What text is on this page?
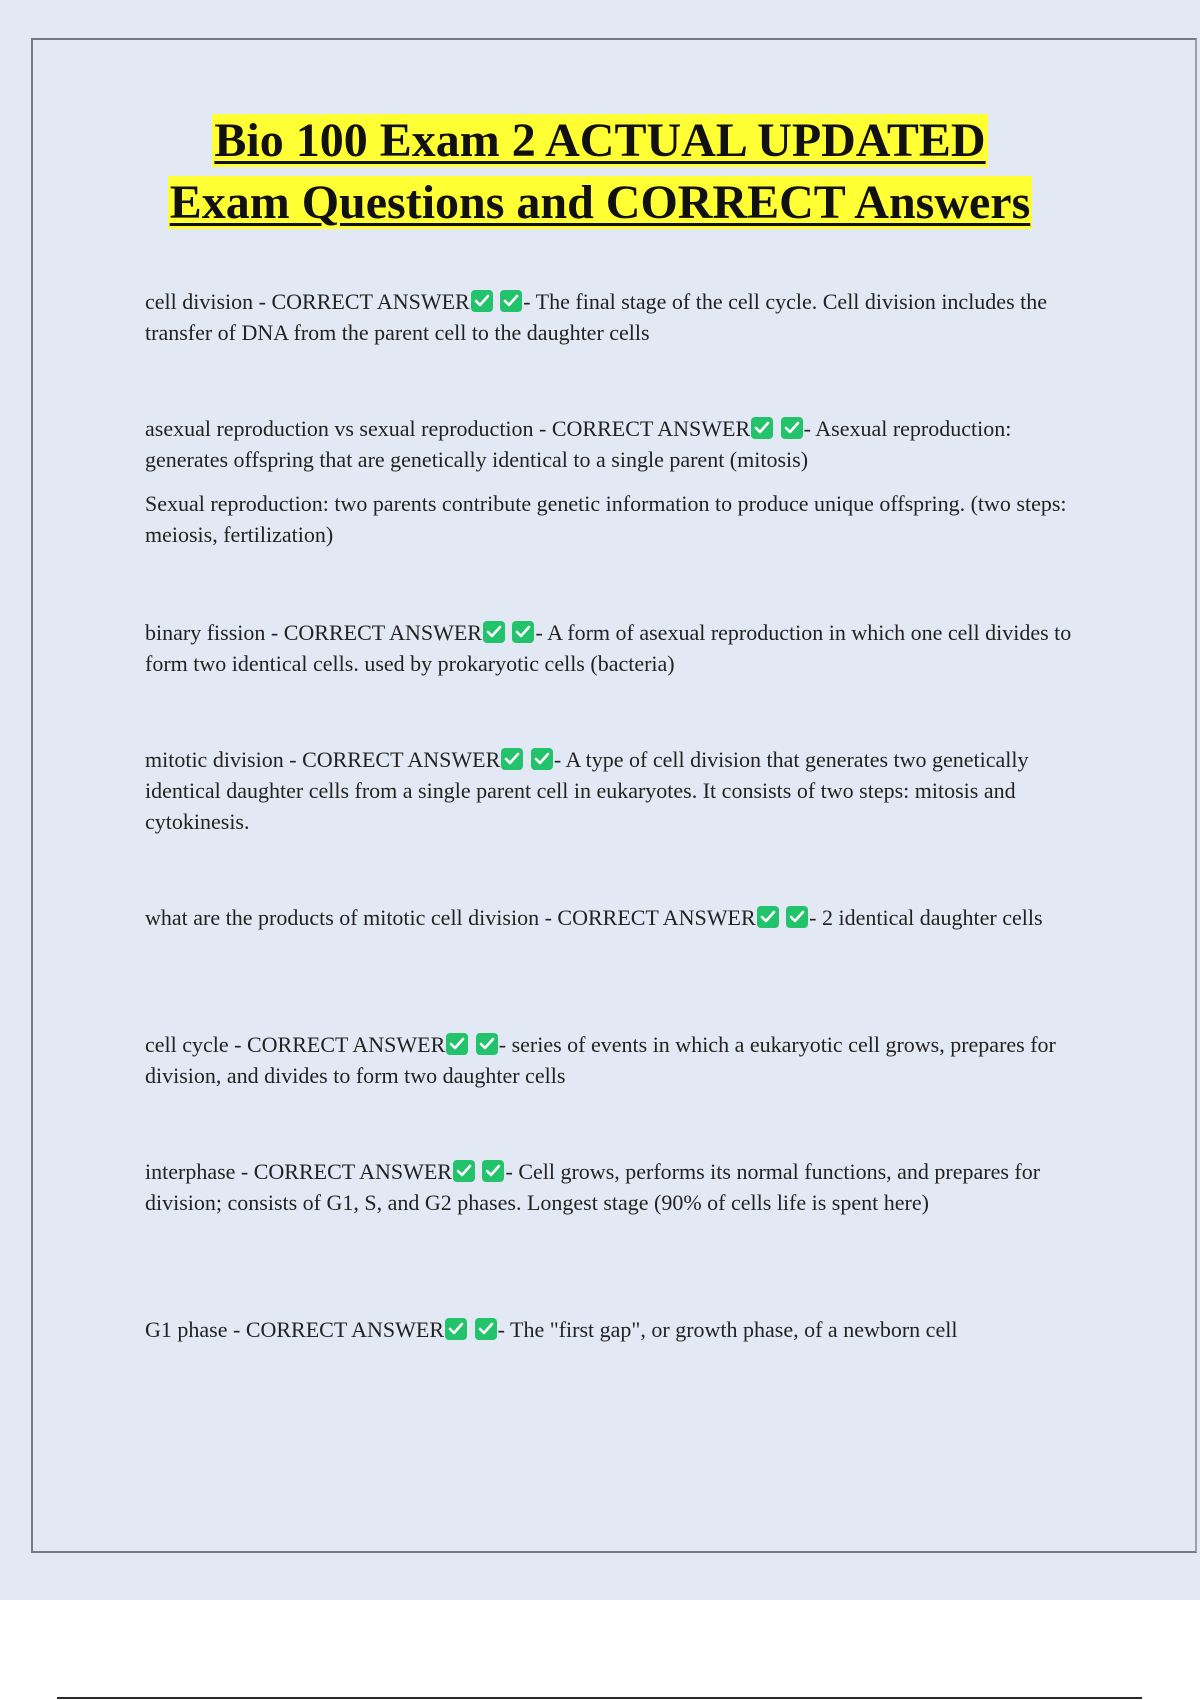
Bio 100 Exam 2 ACTUAL UPDATED
Exam Questions and CORRECT Answers

cell division - CORRECT ANSWER
- The final stage of the cell cycle. Cell division includes the transfer of DNA from the parent cell to the daughter cells

asexual reproduction vs sexual reproduction - CORRECT ANSWER
- Asexual reproduction: generates offspring that are genetically identical to a single parent (mitosis)

Sexual reproduction: two parents contribute genetic information to produce unique offspring. (two steps: meiosis, fertilization)

binary fission - CORRECT ANSWER
- A form of asexual reproduction in which one cell divides to form two identical cells. used by prokaryotic cells (bacteria)

mitotic division - CORRECT ANSWER
- A type of cell division that generates two genetically identical daughter cells from a single parent cell in eukaryotes. It consists of two steps: mitosis and cytokinesis.

what are the products of mitotic cell division - CORRECT ANSWER
- 2 identical daughter cells

cell cycle - CORRECT ANSWER
- series of events in which a eukaryotic cell grows, prepares for division, and divides to form two daughter cells

interphase - CORRECT ANSWER
- Cell grows, performs its normal functions, and prepares for division; consists of G1, S, and G2 phases. Longest stage (90% of cells life is spent here)

G1 phase - CORRECT ANSWER
- The "first gap", or growth phase, of a newborn cell
